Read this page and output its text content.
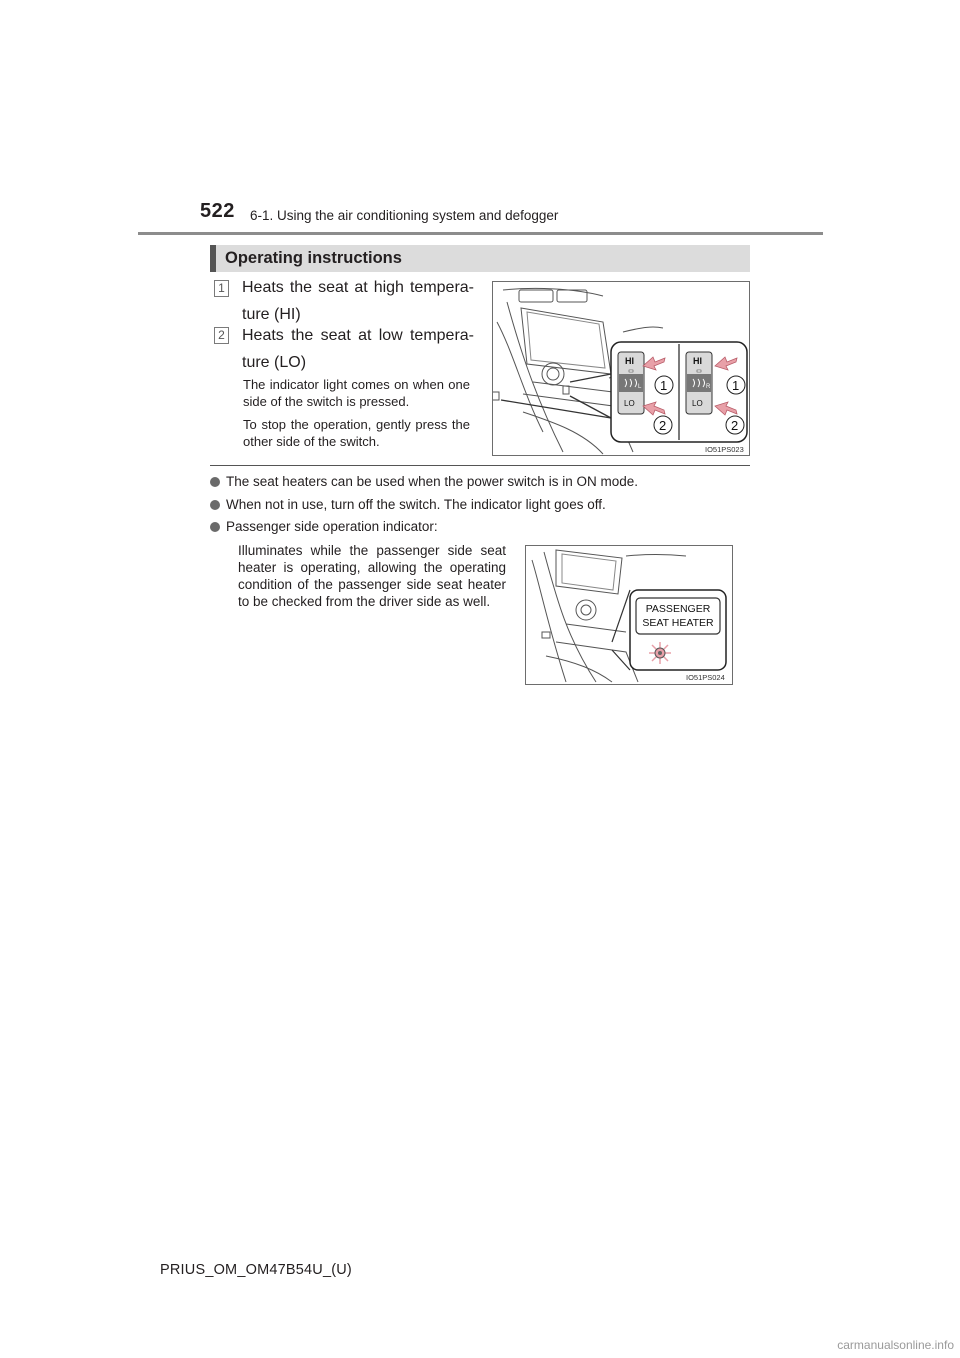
522 6-1. Using the air conditioning system and defogger
Operating instructions
1 Heats the seat at high tempera-ture (HI)
2 Heats the seat at low tempera-ture (LO)
The indicator light comes on when one side of the switch is pressed.
To stop the operation, gently press the other side of the switch.
HI
LO
L
HI
LO
R
1
2
1
2
IO51PS023
The seat heaters can be used when the power switch is in ON mode.
When not in use, turn off the switch. The indicator light goes off.
Passenger side operation indicator:
Illuminates while the passenger side seat heater is operating, allowing the operating condition of the passenger side seat heater to be checked from the driver side as well.	PASSENGER
SEAT HEATER
IO51PS024
PRIUS_OM_OM47B54U_(U)
carmanualsonline.info
